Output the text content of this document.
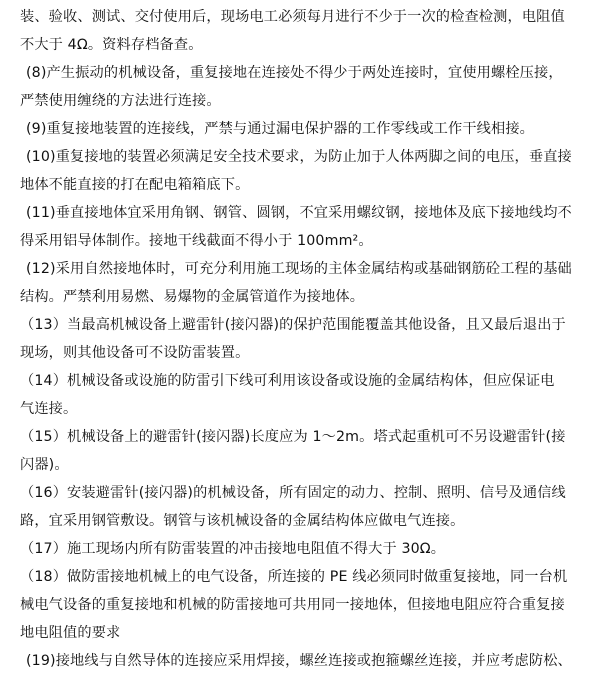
装、验收、测试、交付使用后，现场电工必须每月进行不少于一次的检查检测，电阻值
不大于 4Ω。资料存档备查。
(8)产生振动的机械设备，重复接地在连接处不得少于两处连接时，宜使用螺栓压接，
严禁使用缠绕的方法进行连接。
(9)重复接地装置的连接线，严禁与通过漏电保护器的工作零线或工作干线相接。
(10)重复接地的装置必须满足安全技术要求，为防止加于人体两脚之间的电压，垂直接
地体不能直接的打在配电箱箱底下。
(11)垂直接地体宜采用角钢、钢管、圆钢，不宜采用螺纹钢，接地体及底下接地线均不
得采用铝导体制作。接地干线截面不得小于 100mm²。
(12)采用自然接地体时，可充分利用施工现场的主体金属结构或基础钢筋砼工程的基础
结构。严禁利用易燃、易爆物的金属管道作为接地体。
（13）当最高机械设备上避雷针(接闪器)的保护范围能覆盖其他设备，且又最后退出于
现场，则其他设备可不设防雷装置。
（14）机械设备或设施的防雷引下线可利用该设备或设施的金属结构体，但应保证电
气连接。
（15）机械设备上的避雷针(接闪器)长度应为 1～2m。塔式起重机可不另设避雷针(接
闪器)。
（16）安装避雷针(接闪器)的机械设备，所有固定的动力、控制、照明、信号及通信线
路，宜采用钢管敷设。钢管与该机械设备的金属结构体应做电气连接。
（17）施工现场内所有防雷装置的冲击接地电阻值不得大于 30Ω。
（18）做防雷接地机械上的电气设备，所连接的 PE 线必须同时做重复接地，同一台机
械电气设备的重复接地和机械的防雷接地可共用同一接地体，但接地电阻应符合重复接
地电阻值的要求
(19)接地线与自然导体的连接应采用焊接，螺丝连接或抱箍螺丝连接，并应考虑防松、
